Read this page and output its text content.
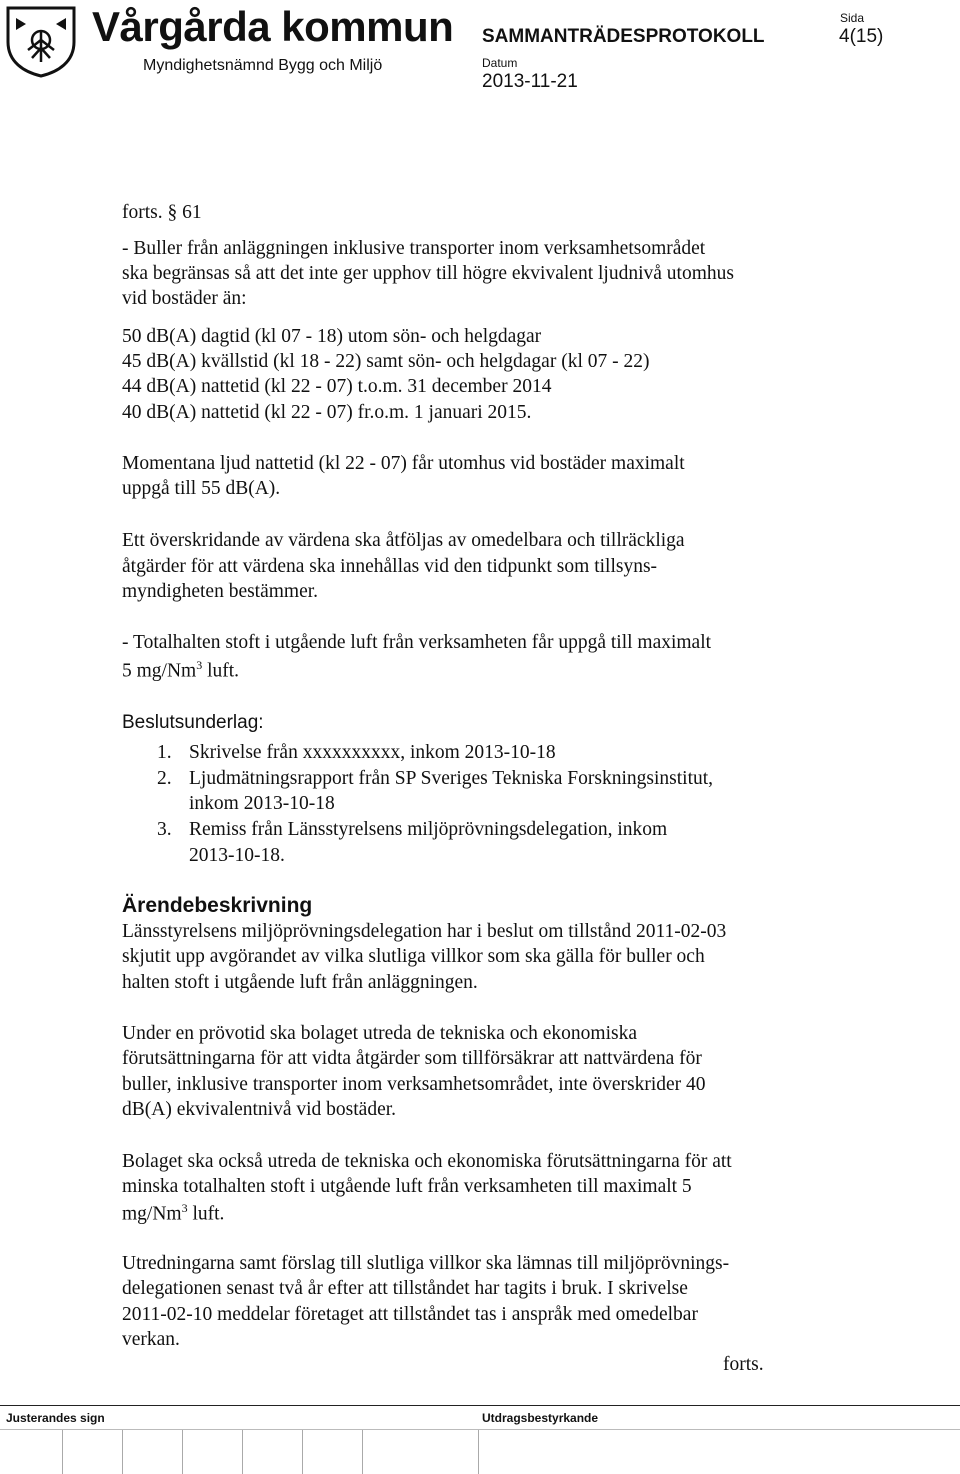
Vårgårda kommun
Myndighetsnämnd Bygg och Miljö
SAMMANTRÄDESPROTOKOLL
Sida
4(15)
Datum
2013-11-21
forts. § 61
- Buller från anläggningen inklusive transporter inom verksamhetsområdet
ska begränsas så att det inte ger upphov till högre ekvivalent ljudnivå utomhus
vid bostäder än:
50 dB(A) dagtid (kl 07 - 18) utom sön- och helgdagar
45 dB(A) kvällstid (kl 18 - 22) samt sön- och helgdagar (kl 07 - 22)
44 dB(A) nattetid (kl 22 - 07) t.o.m. 31 december 2014
40 dB(A) nattetid (kl 22 - 07) fr.o.m. 1 januari 2015.
Momentana ljud nattetid (kl 22 - 07) får utomhus vid bostäder maximalt
uppgå till 55 dB(A).
Ett överskridande av värdena ska åtföljas av omedelbara och tillräckliga
åtgärder för att värdena ska innehållas vid den tidpunkt som tillsyns-
myndigheten bestämmer.
- Totalhalten stoft i utgående luft från verksamheten får uppgå till maximalt
5 mg/Nm$^3$ luft.
Beslutsunderlag:
1. Skrivelse från xxxxxxxxxx, inkom 2013-10-18
2. Ljudmätningsrapport från SP Sveriges Tekniska Forskningsinstitut,
inkom 2013-10-18
3. Remiss från Länsstyrelsens miljöprövningsdelegation, inkom
2013-10-18.
Ärendebeskrivning
Länsstyrelsens miljöprövningsdelegation har i beslut om tillstånd 2011-02-03
skjutit upp avgörandet av vilka slutliga villkor som ska gälla för buller och
halten stoft i utgående luft från anläggningen.
Under en prövotid ska bolaget utreda de tekniska och ekonomiska
förutsättningarna för att vidta åtgärder som tillförsäkrar att nattvärdena för
buller, inklusive transporter inom verksamhetsområdet, inte överskrider 40
dB(A) ekvivalentnivå vid bostäder.
Bolaget ska också utreda de tekniska och ekonomiska förutsättningarna för att
minska totalhalten stoft i utgående luft från verksamheten till maximalt 5
mg/Nm$^3$ luft.
Utredningarna samt förslag till slutliga villkor ska lämnas till miljöprövnings-
delegationen senast två år efter att tillståndet har tagits i bruk. I skrivelse
2011-02-10 meddelar företaget att tillståndet tas i anspråk med omedelbar
verkan.
forts.
Justerandes sign	Utdragsbestyrkande
